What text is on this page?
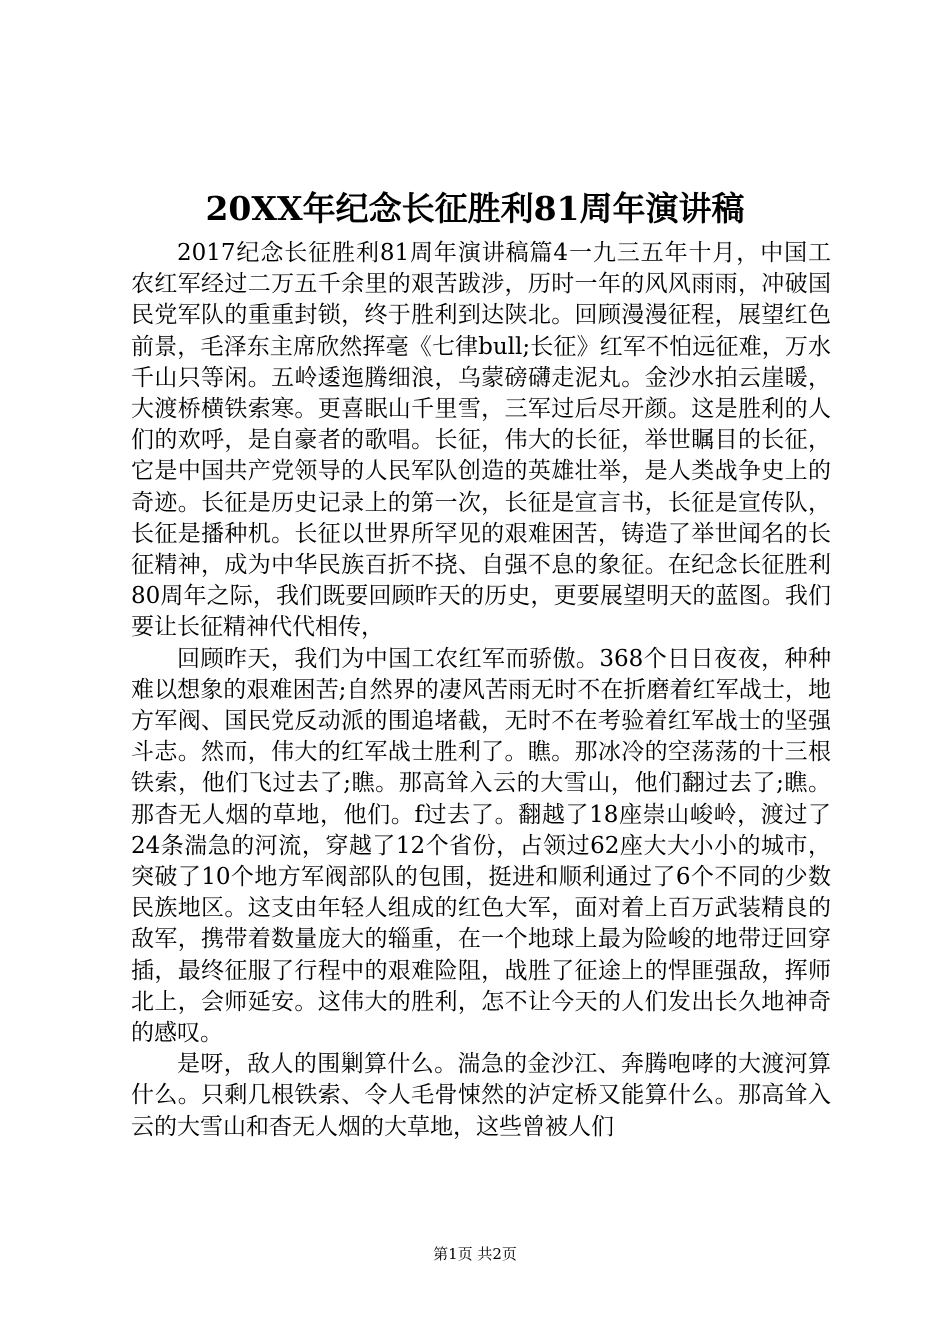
20XX年纪念长征胜利81周年演讲稿

2017纪念长征胜利81周年演讲稿篇4一九三五年十月，中国工农红军经过二万五千余里的艰苦跋涉，历时一年的风风雨雨，冲破国民党军队的重重封锁，终于胜利到达陕北。回顾漫漫征程，展望红色前景，毛泽东主席欣然挥毫《七律bull;长征》红军不怕远征难，万水千山只等闲。五岭逶迤腾细浪，乌蒙磅礴走泥丸。金沙水拍云崖暖，大渡桥横铁索寒。更喜眠山千里雪，三军过后尽开颜。这是胜利的人们的欢呼，是自豪者的歌唱。长征，伟大的长征，举世瞩目的长征，它是中国共产党领导的人民军队创造的英雄壮举，是人类战争史上的奇迹。长征是历史记录上的第一次，长征是宣言书，长征是宣传队，长征是播种机。长征以世界所罕见的艰难困苦，铸造了举世闻名的长征精神，成为中华民族百折不挠、自强不息的象征。在纪念长征胜利80周年之际，我们既要回顾昨天的历史，更要展望明天的蓝图。我们要让长征精神代代相传，

回顾昨天，我们为中国工农红军而骄傲。368个日日夜夜，种种难以想象的艰难困苦;自然界的凄风苦雨无时不在折磨着红军战士，地方军阀、国民党反动派的围追堵截，无时不在考验着红军战士的坚强斗志。然而，伟大的红军战士胜利了。瞧。那冰冷的空荡荡的十三根铁索，他们飞过去了;瞧。那高耸入云的大雪山，他们翻过去了;瞧。那杳无人烟的草地，他们。f过去了。翻越了18座崇山峻岭，渡过了24条湍急的河流，穿越了12个省份，占领过62座大大小小的城市，突破了10个地方军阀部队的包围，挺进和顺利通过了6个不同的少数民族地区。这支由年轻人组成的红色大军，面对着上百万武装精良的敌军，携带着数量庞大的辎重，在一个地球上最为险峻的地带迂回穿插，最终征服了行程中的艰难险阻，战胜了征途上的悍匪强敌，挥师北上，会师延安。这伟大的胜利，怎不让今天的人们发出长久地神奇的感叹。

是呀，敌人的围剿算什么。湍急的金沙江、奔腾咆哮的大渡河算什么。只剩几根铁索、令人毛骨悚然的泸定桥又能算什么。那高耸入云的大雪山和杳无人烟的大草地，这些曾被人们

第1页 共2页
